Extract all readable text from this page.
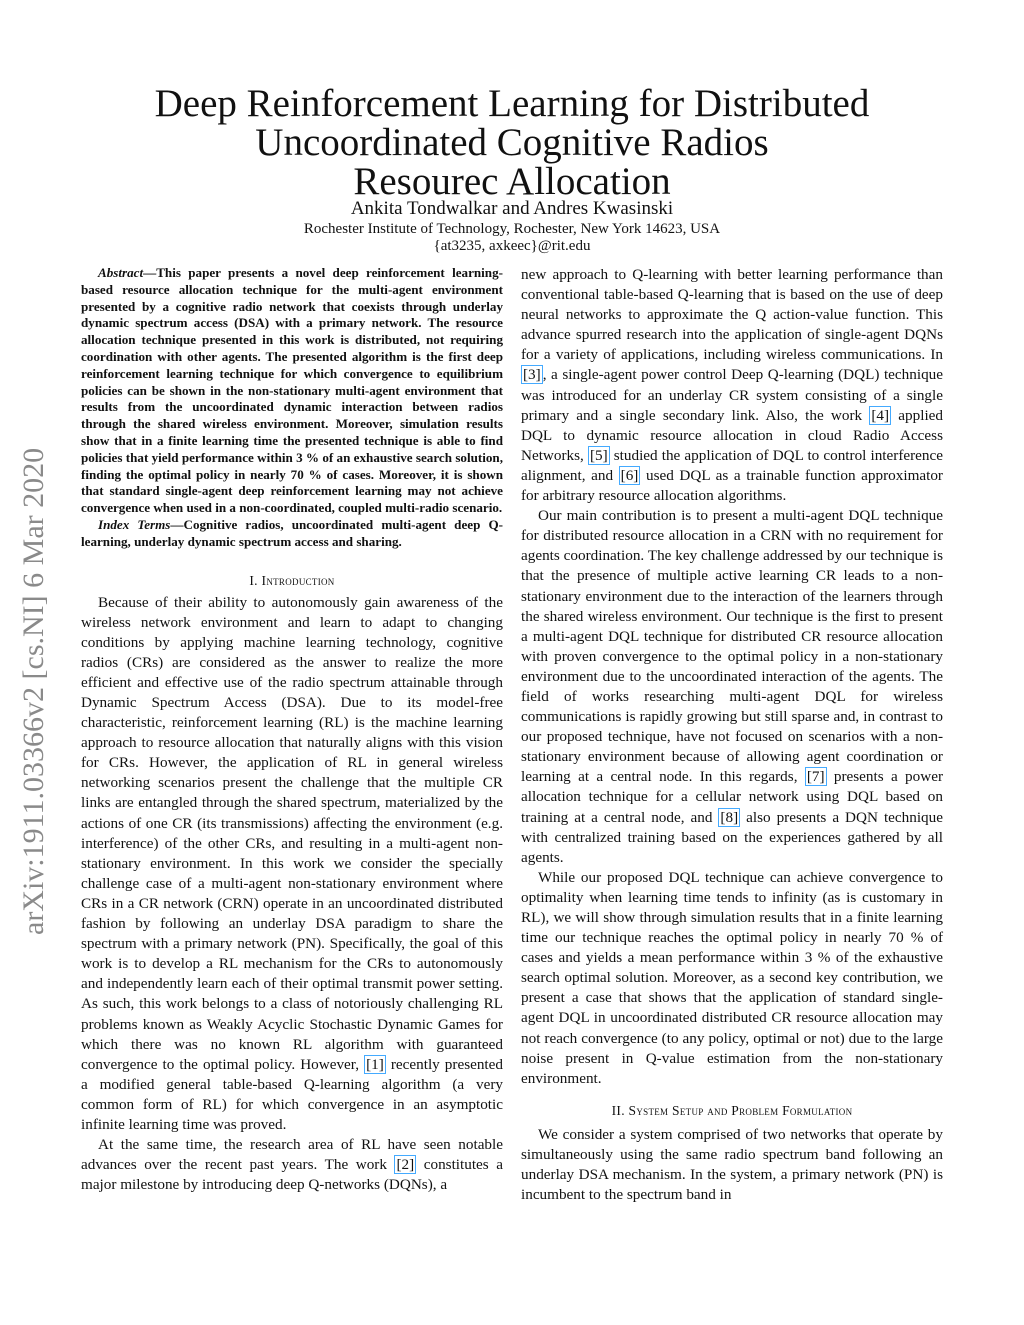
arXiv:1911.03366v2 [cs.NI] 6 Mar 2020
Deep Reinforcement Learning for Distributed
Uncoordinated Cognitive Radios
Resourec Allocation
Ankita Tondwalkar and Andres Kwasinski
Rochester Institute of Technology, Rochester, New York 14623, USA
{at3235, axkeec}@rit.edu

Abstract—This paper presents a novel deep reinforcement learning-based resource allocation technique for the multi-agent environment presented by a cognitive radio network that coexists through underlay dynamic spectrum access (DSA) with a primary network. The resource allocation technique presented in this work is distributed, not requiring coordination with other agents. The presented algorithm is the first deep reinforcement learning technique for which convergence to equilibrium policies can be shown in the non-stationary multi-agent environment that results from the uncoordinated dynamic interaction between radios through the shared wireless environment. Moreover, simulation results show that in a finite learning time the presented technique is able to find policies that yield performance within 3 % of an exhaustive search solution, finding the optimal policy in nearly 70 % of cases. Moreover, it is shown that standard single-agent deep reinforcement learning may not achieve convergence when used in a non-coordinated, coupled multi-radio scenario.

Index Terms—Cognitive radios, uncoordinated multi-agent deep Q-learning, underlay dynamic spectrum access and sharing.

I. Introduction

Because of their ability to autonomously gain awareness of the wireless network environment and learn to adapt to changing conditions by applying machine learning technology, cognitive radios (CRs) are considered as the answer to realize the more efficient and effective use of the radio spectrum attainable through Dynamic Spectrum Access (DSA). Due to its model-free characteristic, reinforcement learning (RL) is the machine learning approach to resource allocation that naturally aligns with this vision for CRs. However, the application of RL in general wireless networking scenarios present the challenge that the multiple CR links are entangled through the shared spectrum, materialized by the actions of one CR (its transmissions) affecting the environment (e.g. interference) of the other CRs, and resulting in a multi-agent non-stationary environment. In this work we consider the specially challenge case of a multi-agent non-stationary environment where CRs in a CR network (CRN) operate in an uncoordinated distributed fashion by following an underlay DSA paradigm to share the spectrum with a primary network (PN). Specifically, the goal of this work is to develop a RL mechanism for the CRs to autonomously and independently learn each of their optimal transmit power setting. As such, this work belongs to a class of notoriously challenging RL problems known as Weakly Acyclic Stochastic Dynamic Games for which there was no known RL algorithm with guaranteed convergence to the optimal policy. However, [1] recently presented a modified general table-based Q-learning algorithm (a very common form of RL) for which convergence in an asymptotic infinite learning time was proved.

At the same time, the research area of RL have seen notable advances over the recent past years. The work [2] constitutes a major milestone by introducing deep Q-networks (DQNs), a

new approach to Q-learning with better learning performance than conventional table-based Q-learning that is based on the use of deep neural networks to approximate the Q action-value function. This advance spurred research into the application of single-agent DQNs for a variety of applications, including wireless communications. In [3] , a single-agent power control Deep Q-learning (DQL) technique was introduced for an underlay CR system consisting of a single primary and a single secondary link. Also, the work [4] applied DQL to dynamic resource allocation in cloud Radio Access Networks, [5] studied the application of DQL to control interference alignment, and [6] used DQL as a trainable function approximator for arbitrary resource allocation algorithms.

Our main contribution is to present a multi-agent DQL technique for distributed resource allocation in a CRN with no requirement for agents coordination. The key challenge addressed by our technique is that the presence of multiple active learning CR leads to a non-stationary environment due to the interaction of the learners through the shared wireless environment. Our technique is the first to present a multi-agent DQL technique for distributed CR resource allocation with proven convergence to the optimal policy in a non-stationary environment due to the uncoordinated interaction of the agents. The field of works researching multi-agent DQL for wireless communications is rapidly growing but still sparse and, in contrast to our proposed technique, have not focused on scenarios with a non-stationary environment because of allowing agent coordination or learning at a central node. In this regards, [7] presents a power allocation technique for a cellular network using DQL based on training at a central node, and [8] also presents a DQN technique with centralized training based on the experiences gathered by all agents.

While our proposed DQL technique can achieve convergence to optimality when learning time tends to infinity (as is customary in RL), we will show through simulation results that in a finite learning time our technique reaches the optimal policy in nearly 70 % of cases and yields a mean performance within 3 % of the exhaustive search optimal solution. Moreover, as a second key contribution, we present a case that shows that the application of standard single-agent DQL in uncoordinated distributed CR resource allocation may not reach convergence (to any policy, optimal or not) due to the large noise present in Q-value estimation from the non-stationary environment.

II. System Setup and Problem Formulation

We consider a system comprised of two networks that operate by simultaneously using the same radio spectrum band following an underlay DSA mechanism. In the system, a primary network (PN) is incumbent to the spectrum band in
